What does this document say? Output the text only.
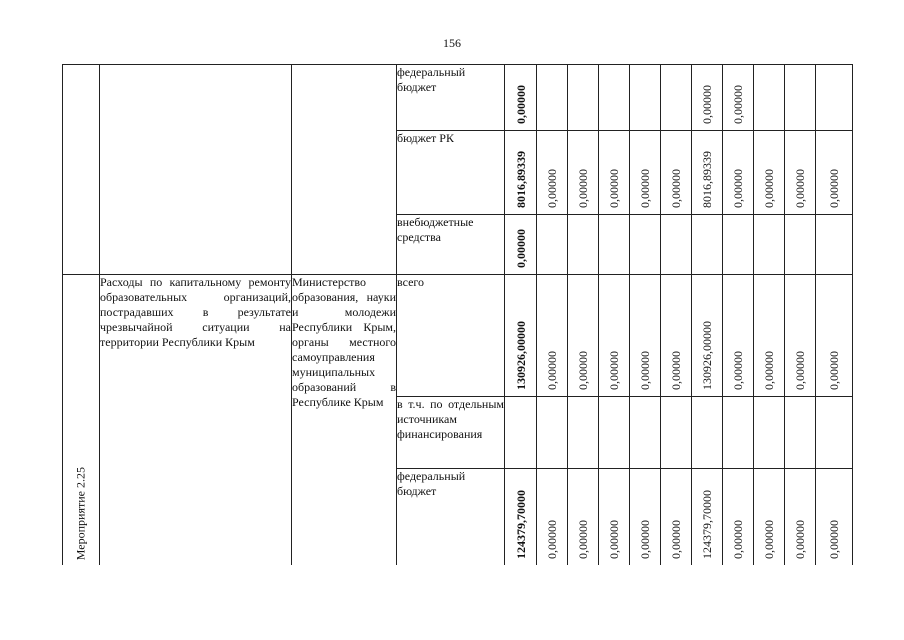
156
			федеральный бюджет	0,00000						0,00000	0,00000			

			бюджет РК	8016,89339	0,00000	0,00000	0,00000	0,00000	0,00000	8016,89339	0,00000	0,00000	0,00000	0,00000

			внебюджетные средства	0,00000										

Мероприятие 2.25	Расходы по капитальному ремонту образовательных организаций, пострадавших в результате чрезвычайной ситуации на территории Республики Крым	Министерство образования, науки и молодежи Республики Крым, органы местного самоуправления муниципальных образований в Республике Крым	всего	130926,00000	0,00000	0,00000	0,00000	0,00000	0,00000	130926,00000	0,00000	0,00000	0,00000	0,00000

			в т.ч. по отдельным источникам финансирования											
			федеральный бюджет	124379,70000	0,00000	0,00000	0,00000	0,00000	0,00000	124379,70000	0,00000	0,00000	0,00000	0,00000
